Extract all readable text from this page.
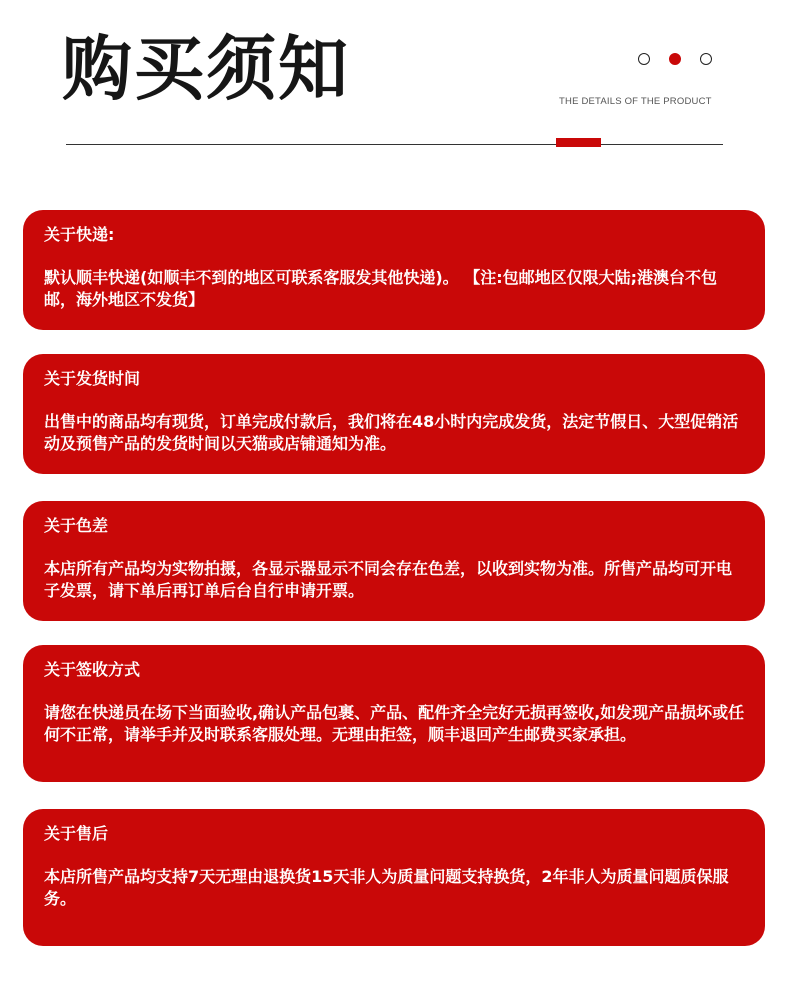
购买须知	THE DETAILS OF THE PRODUCT
关于快递:
默认顺丰快递(如顺丰不到的地区可联系客服发其他快递)。 【注:包邮地区仅限大陆;港澳台不包邮，海外地区不发货】
关于发货时间
出售中的商品均有现货，订单完成付款后，我们将在48小时内完成发货，法定节假日、大型促销活动及预售产品的发货时间以天猫或店铺通知为准。
关于色差
本店所有产品均为实物拍摄，各显示器显示不同会存在色差，以收到实物为准。所售产品均可开电子发票，请下单后再订单后台自行申请开票。
关于签收方式
请您在快递员在场下当面验收,确认产品包裹、产品、配件齐全完好无损再签收,如发现产品损坏或任何不正常，请举手并及时联系客服处理。无理由拒签，顺丰退回产生邮费买家承担。
关于售后
本店所售产品均支持7天无理由退换货15天非人为质量问题支持换货，2年非人为质量问题质保服务。
